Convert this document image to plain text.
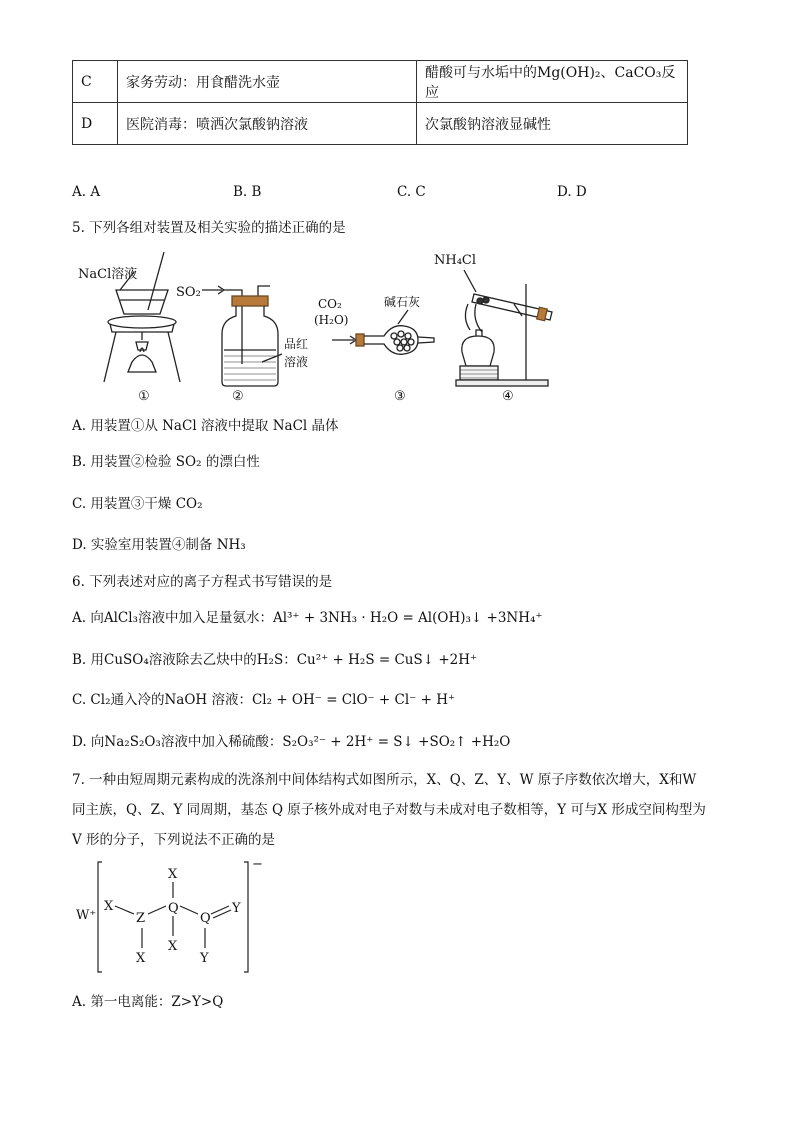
C	家务劳动：用食醋洗水壶	醋酸可与水垢中的Mg(OH)₂、CaCO₃反应
D	医院消毒：喷洒次氯酸钠溶液	次氯酸钠溶液显碱性
A. A	B. B	C. C	D. D
5. 下列各组对装置及相关实验的描述正确的是
NaCl溶液
①
SO₂
品红
溶液
②
CO₂
(H₂O)
碱石灰
③
NH₄Cl
④
A. 用装置①从 NaCl 溶液中提取 NaCl 晶体
B. 用装置②检验 SO₂ 的漂白性
C. 用装置③干燥 CO₂
D. 实验室用装置④制备 NH₃
6. 下列表述对应的离子方程式书写错误的是
A. 向AlCl₃溶液中加入足量氨水：Al³⁺ + 3NH₃ · H₂O = Al(OH)₃↓ +3NH₄⁺
B. 用CuSO₄溶液除去乙炔中的H₂S：Cu²⁺ + H₂S = CuS↓ +2H⁺
C. Cl₂通入冷的NaOH 溶液：Cl₂ + OH⁻ = ClO⁻ + Cl⁻ + H⁺
D. 向Na₂S₂O₃溶液中加入稀硫酸：S₂O₃²⁻ + 2H⁺ = S↓ +SO₂↑ +H₂O
7. 一种由短周期元素构成的洗涤剂中间体结构式如图所示，X、Q、Z、Y、W 原子序数依次增大，X和W
同主族，Q、Z、Y 同周期，基态 Q 原子核外成对电子对数与未成对电子数相等，Y 可与X 形成空间构型为
V 形的分子，下列说法不正确的是
W⁺
−
X
Z
X
X
Q
X
Q
Y
Y
A. 第一电离能：Z>Y>Q
